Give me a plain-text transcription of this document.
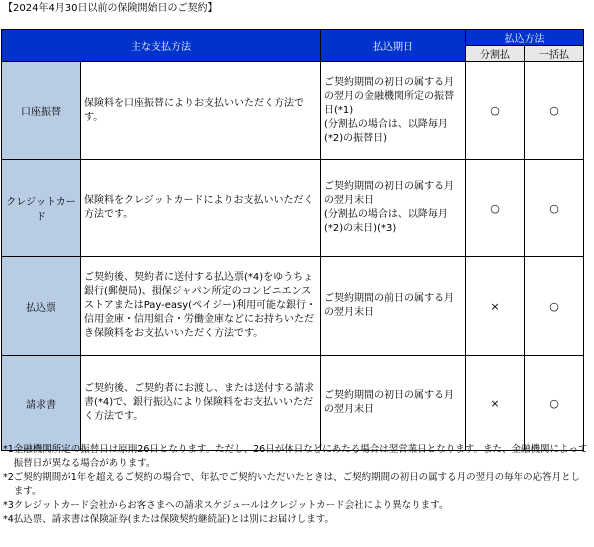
【2024年4月30日以前の保険開始日のご契約】
主な支払方法		払込期日	払込方法	
			分割払	一括払
口座振替	保険料を口座振替によりお支払いいただく方法です。	ご契約期間の初日の属する月の翌月の金融機関所定の振替日(*1)
(分割払の場合は、以降毎月(*2)の振替日)	○	○
クレジットカード	保険料をクレジットカードによりお支払いいただく方法です。	ご契約期間の初日の属する月の翌月末日
(分割払の場合は、以降毎月(*2)の末日)(*3)	○	○
払込票	ご契約後、契約者に送付する払込票(*4)をゆうちょ銀行(郵便局)、損保ジャパン所定のコンビニエンスストアまたはPay-easy(ペイジー)利用可能な銀行・信用金庫・信用組合・労働金庫などにお持ちいただき保険料をお支払いいただく方法です。	ご契約期間の前日の属する月の翌月末日	×	○
請求書	ご契約後、ご契約者にお渡し、または送付する請求書(*4)で、銀行振込により保険料をお支払いいただく方法です。	ご契約期間の初日の属する月の翌月末日	×	○
*1 金融機関所定の振替日は原則26日となります。ただし、26日が休日などにあたる場合は翌営業日となります。また、金融機関によって振替日が異なる場合があります。
*2 ご契約期間が1年を超えるご契約の場合で、年払でご契約いただいたときは、ご契約期間の初日の属する月の翌月の毎年の応答月とします。
*3 クレジットカード会社からお客さまへの請求スケジュールはクレジットカード会社により異なります。
*4 払込票、請求書は保険証券(または保険契約継続証)とは別にお届けします。
